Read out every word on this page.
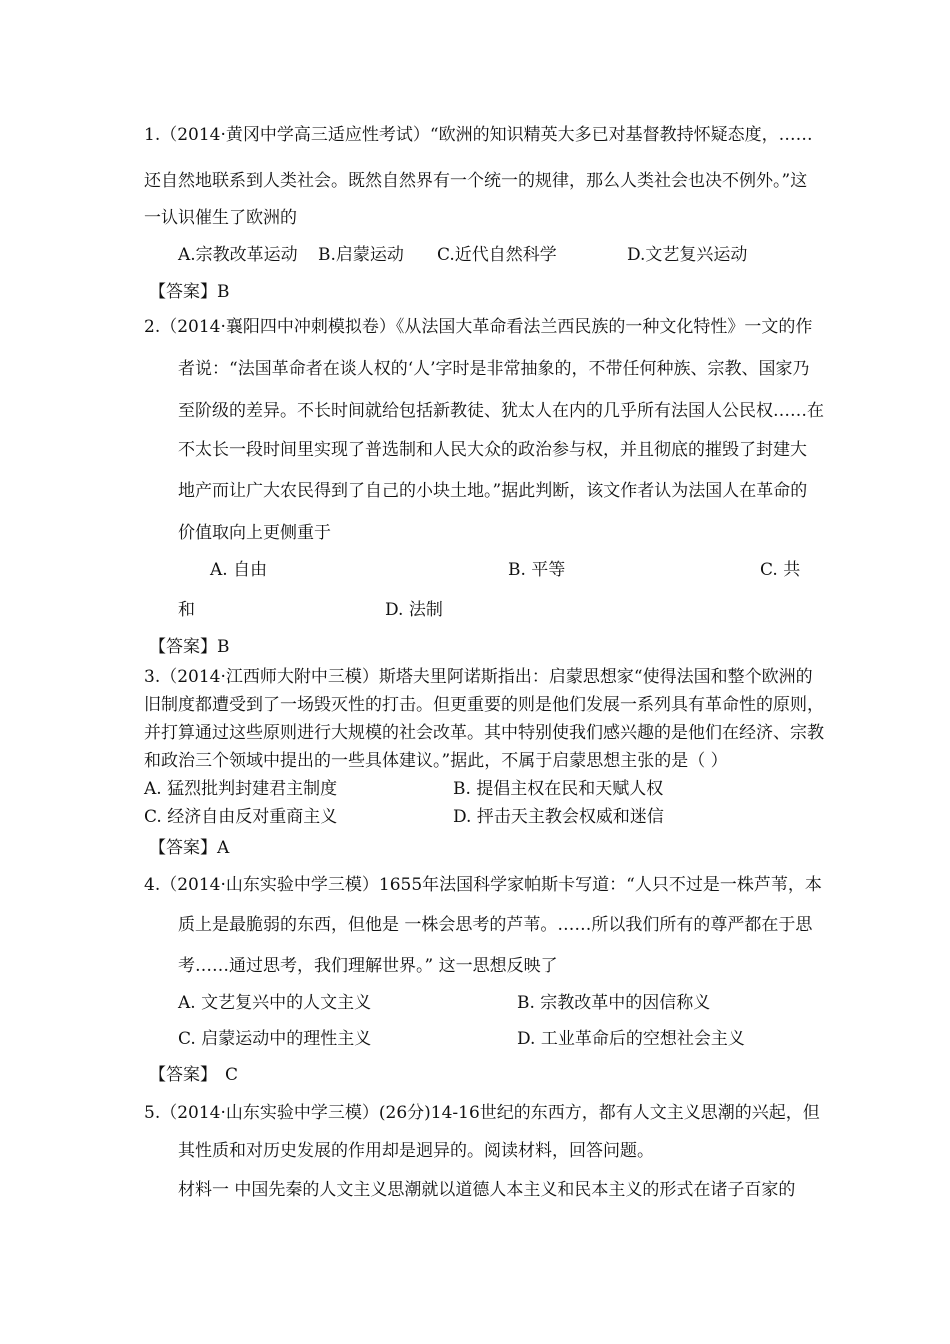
1.（2014·黄冈中学高三适应性考试）“欧洲的知识精英大多已对基督教持怀疑态度，……
还自然地联系到人类社会。既然自然界有一个统一的规律，那么人类社会也决不例外。”这
一认识催生了欧洲的
A.宗教改革运动 B.启蒙运动 C.近代自然科学	D.文艺复兴运动
【答案】B
2.（2014·襄阳四中冲刺模拟卷）《从法国大革命看法兰西民族的一种文化特性》一文的作
者说：“法国革命者在谈人权的‘人’字时是非常抽象的，不带任何种族、宗教、国家乃
至阶级的差异。不长时间就给包括新教徒、犹太人在内的几乎所有法国人公民权……在
不太长一段时间里实现了普选制和人民大众的政治参与权，并且彻底的摧毁了封建大
地产而让广大农民得到了自己的小块土地。”据此判断，该文作者认为法国人在革命的
价值取向上更侧重于
A. 自由	B. 平等	C. 共
和	D. 法制
【答案】B
3.（2014·江西师大附中三模）斯塔夫里阿诺斯指出：启蒙思想家“使得法国和整个欧洲的
旧制度都遭受到了一场毁灭性的打击。但更重要的则是他们发展一系列具有革命性的原则，
并打算通过这些原则进行大规模的社会改革。其中特别使我们感兴趣的是他们在经济、宗教
和政治三个领域中提出的一些具体建议。”据此，不属于启蒙思想主张的是（ ）
A. 猛烈批判封建君主制度	B. 提倡主权在民和天赋人权
C. 经济自由反对重商主义	D. 抨击天主教会权威和迷信
【答案】A
4.（2014·山东实验中学三模）1655年法国科学家帕斯卡写道：“人只不过是一株芦苇，本
质上是最脆弱的东西，但他是 一株会思考的芦苇。……所以我们所有的尊严都在于思
考……通过思考，我们理解世界。” 这一思想反映了
A. 文艺复兴中的人文主义	B. 宗教改革中的因信称义
C. 启蒙运动中的理性主义	D. 工业革命后的空想社会主义
【答案】 C
5.（2014·山东实验中学三模）(26分)14-16世纪的东西方，都有人文主义思潮的兴起，但
其性质和对历史发展的作用却是迥异的。阅读材料，回答问题。
材料一 中国先秦的人文主义思潮就以道德人本主义和民本主义的形式在诸子百家的
